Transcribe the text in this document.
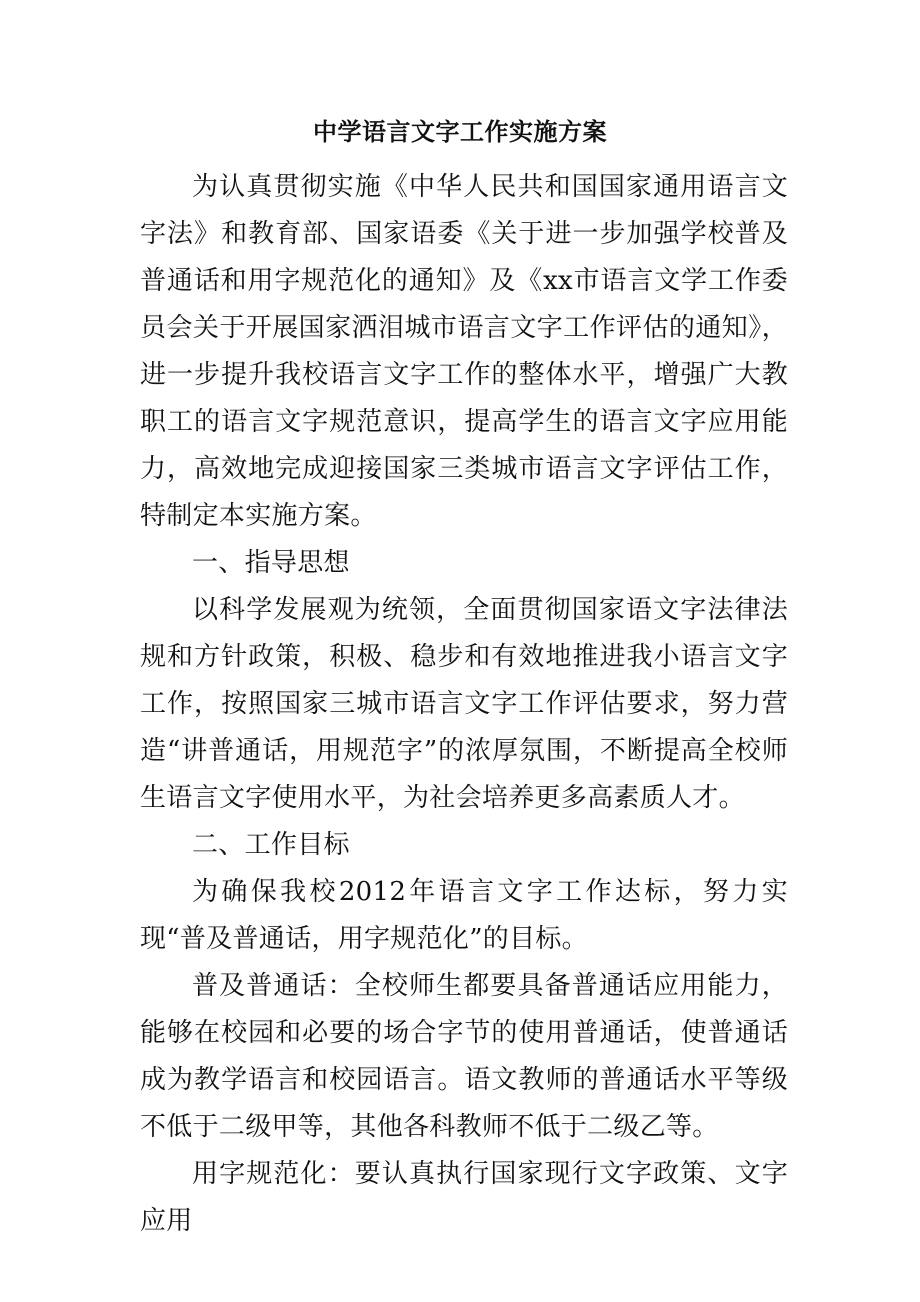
中学语言文字工作实施方案

为认真贯彻实施《中华人民共和国国家通用语言文字法》和教育部、国家语委《关于进一步加强学校普及普通话和用字规范化的通知》及《xx市语言文学工作委员会关于开展国家洒泪城市语言文字工作评估的通知》，进一步提升我校语言文字工作的整体水平，增强广大教职工的语言文字规范意识，提高学生的语言文字应用能力，高效地完成迎接国家三类城市语言文字评估工作，特制定本实施方案。

一、指导思想

以科学发展观为统领，全面贯彻国家语文字法律法规和方针政策，积极、稳步和有效地推进我小语言文字工作，按照国家三城市语言文字工作评估要求，努力营造“讲普通话，用规范字”的浓厚氛围，不断提高全校师生语言文字使用水平，为社会培养更多高素质人才。

二、工作目标

为确保我校2012年语言文字工作达标，努力实现“普及普通话，用字规范化”的目标。

普及普通话：全校师生都要具备普通话应用能力，能够在校园和必要的场合字节的使用普通话，使普通话成为教学语言和校园语言。语文教师的普通话水平等级不低于二级甲等，其他各科教师不低于二级乙等。

用字规范化：要认真执行国家现行文字政策、文字应用
